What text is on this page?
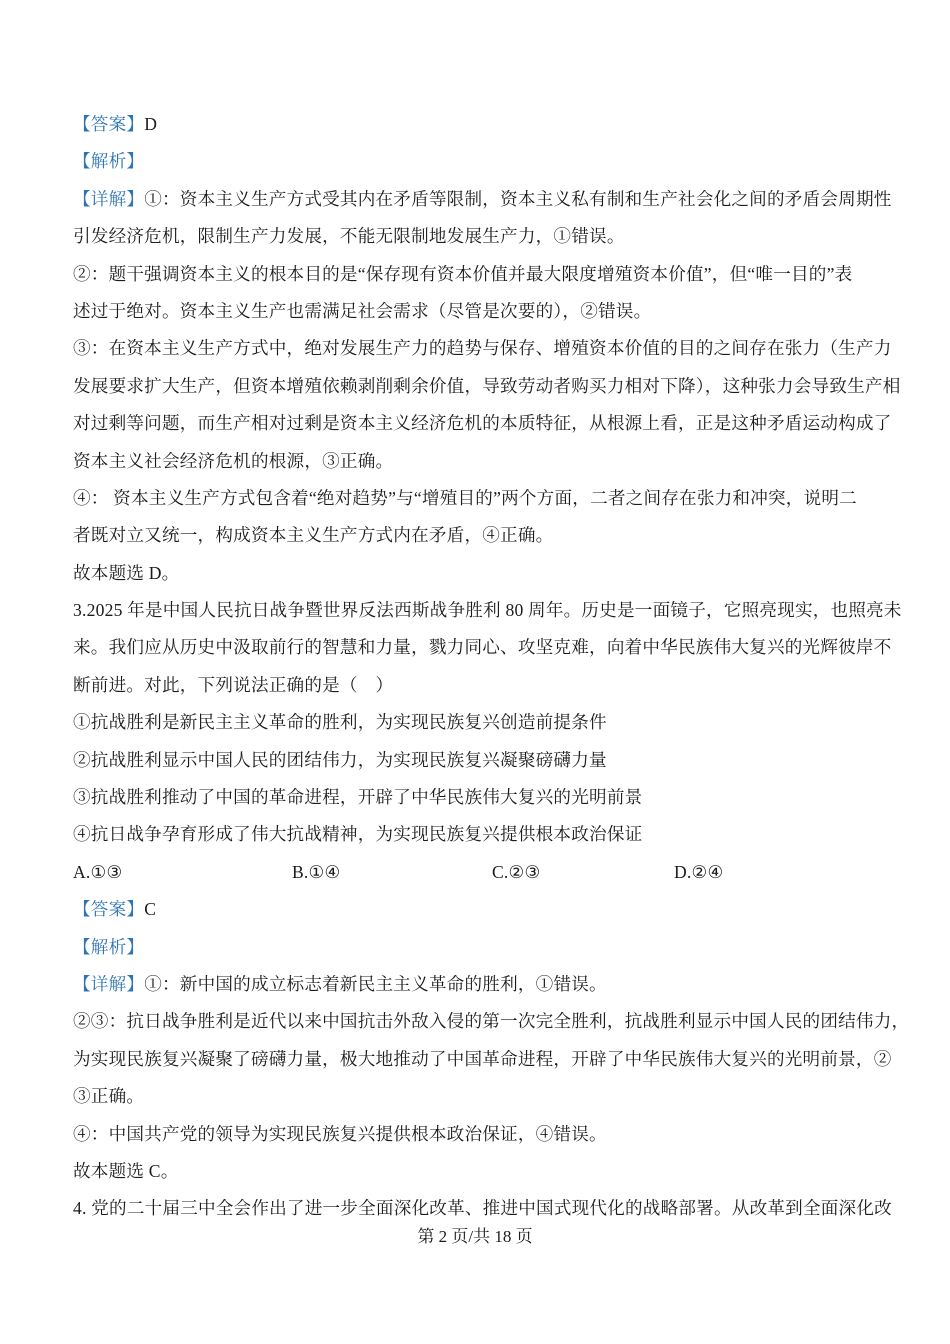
【答案】D
【解析】
【详解】①：资本主义生产方式受其内在矛盾等限制，资本主义私有制和生产社会化之间的矛盾会周期性
引发经济危机，限制生产力发展，不能无限制地发展生产力，①错误。
②：题干强调资本主义的根本目的是“保存现有资本价值并最大限度增殖资本价值”，但“唯一目的”表
述过于绝对。资本主义生产也需满足社会需求（尽管是次要的），②错误。
③：在资本主义生产方式中，绝对发展生产力的趋势与保存、增殖资本价值的目的之间存在张力（生产力
发展要求扩大生产，但资本增殖依赖剥削剩余价值，导致劳动者购买力相对下降），这种张力会导致生产相
对过剩等问题，而生产相对过剩是资本主义经济危机的本质特征，从根源上看，正是这种矛盾运动构成了
资本主义社会经济危机的根源，③正确。
④： 资本主义生产方式包含着“绝对趋势”与“增殖目的”两个方面，二者之间存在张力和冲突，说明二
者既对立又统一，构成资本主义生产方式内在矛盾，④正确。
故本题选 D。
3.2025 年是中国人民抗日战争暨世界反法西斯战争胜利 80 周年。历史是一面镜子，它照亮现实，也照亮未
来。我们应从历史中汲取前行的智慧和力量，戮力同心、攻坚克难，向着中华民族伟大复兴的光辉彼岸不
断前进。对此，下列说法正确的是（　）
①抗战胜利是新民主主义革命的胜利，为实现民族复兴创造前提条件
②抗战胜利显示中国人民的团结伟力，为实现民族复兴凝聚磅礴力量
③抗战胜利推动了中国的革命进程，开辟了中华民族伟大复兴的光明前景
④抗日战争孕育形成了伟大抗战精神，为实现民族复兴提供根本政治保证
A.①③	B.①④	C.②③	D.②④
【答案】C
【解析】
【详解】①：新中国的成立标志着新民主主义革命的胜利，①错误。
②③：抗日战争胜利是近代以来中国抗击外敌入侵的第一次完全胜利，抗战胜利显示中国人民的团结伟力，
为实现民族复兴凝聚了磅礴力量，极大地推动了中国革命进程，开辟了中华民族伟大复兴的光明前景，②
③正确。
④：中国共产党的领导为实现民族复兴提供根本政治保证，④错误。
故本题选 C。
4. 党的二十届三中全会作出了进一步全面深化改革、推进中国式现代化的战略部署。从改革到全面深化改
第 2 页/共 18 页
